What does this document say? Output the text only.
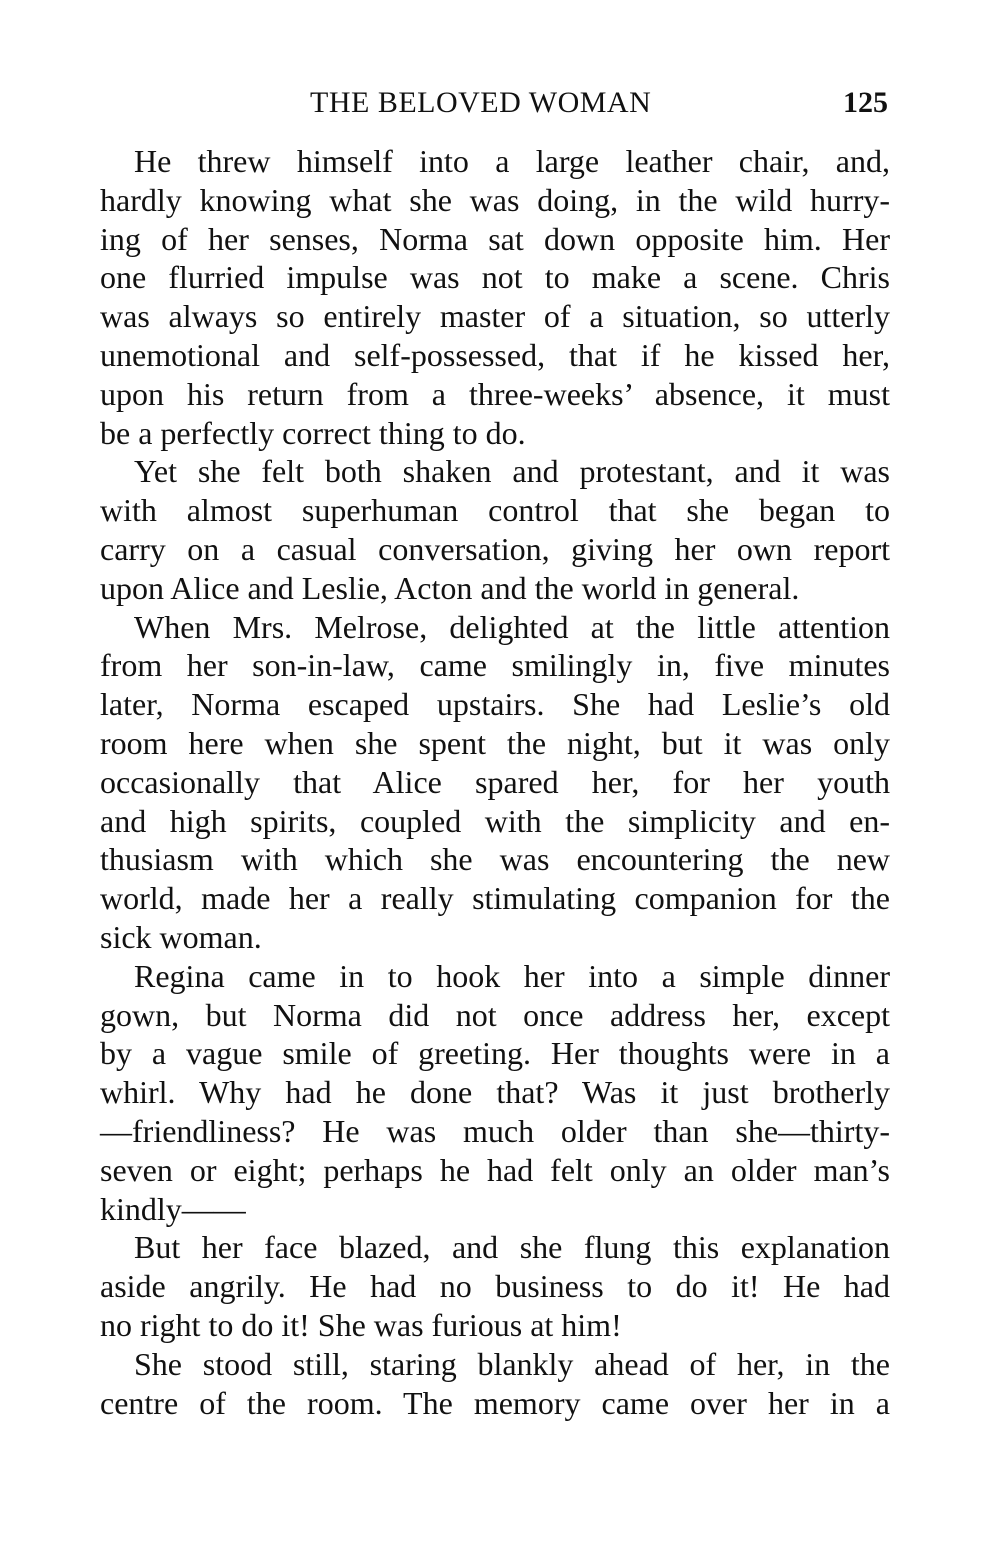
THE BELOVED WOMAN	125
He threw himself into a large leather chair, and,
hardly knowing what she was doing, in the wild hurry-
ing of her senses, Norma sat down opposite him. Her
one flurried impulse was not to make a scene. Chris
was always so entirely master of a situation, so utterly
unemotional and self-possessed, that if he kissed her,
upon his return from a three-weeks’ absence, it must
be a perfectly correct thing to do.
Yet she felt both shaken and protestant, and it was
with almost superhuman control that she began to
carry on a casual conversation, giving her own report
upon Alice and Leslie, Acton and the world in general.
When Mrs. Melrose, delighted at the little attention
from her son-in-law, came smilingly in, five minutes
later, Norma escaped upstairs. She had Leslie’s old
room here when she spent the night, but it was only
occasionally that Alice spared her, for her youth
and high spirits, coupled with the simplicity and en-
thusiasm with which she was encountering the new
world, made her a really stimulating companion for the
sick woman.
Regina came in to hook her into a simple dinner
gown, but Norma did not once address her, except
by a vague smile of greeting. Her thoughts were in a
whirl. Why had he done that? Was it just brotherly
—friendliness? He was much older than she—thirty-
seven or eight; perhaps he had felt only an older man’s
kindly——
But her face blazed, and she flung this explanation
aside angrily. He had no business to do it! He had
no right to do it! She was furious at him!
She stood still, staring blankly ahead of her, in the
centre of the room. The memory came over her in a
